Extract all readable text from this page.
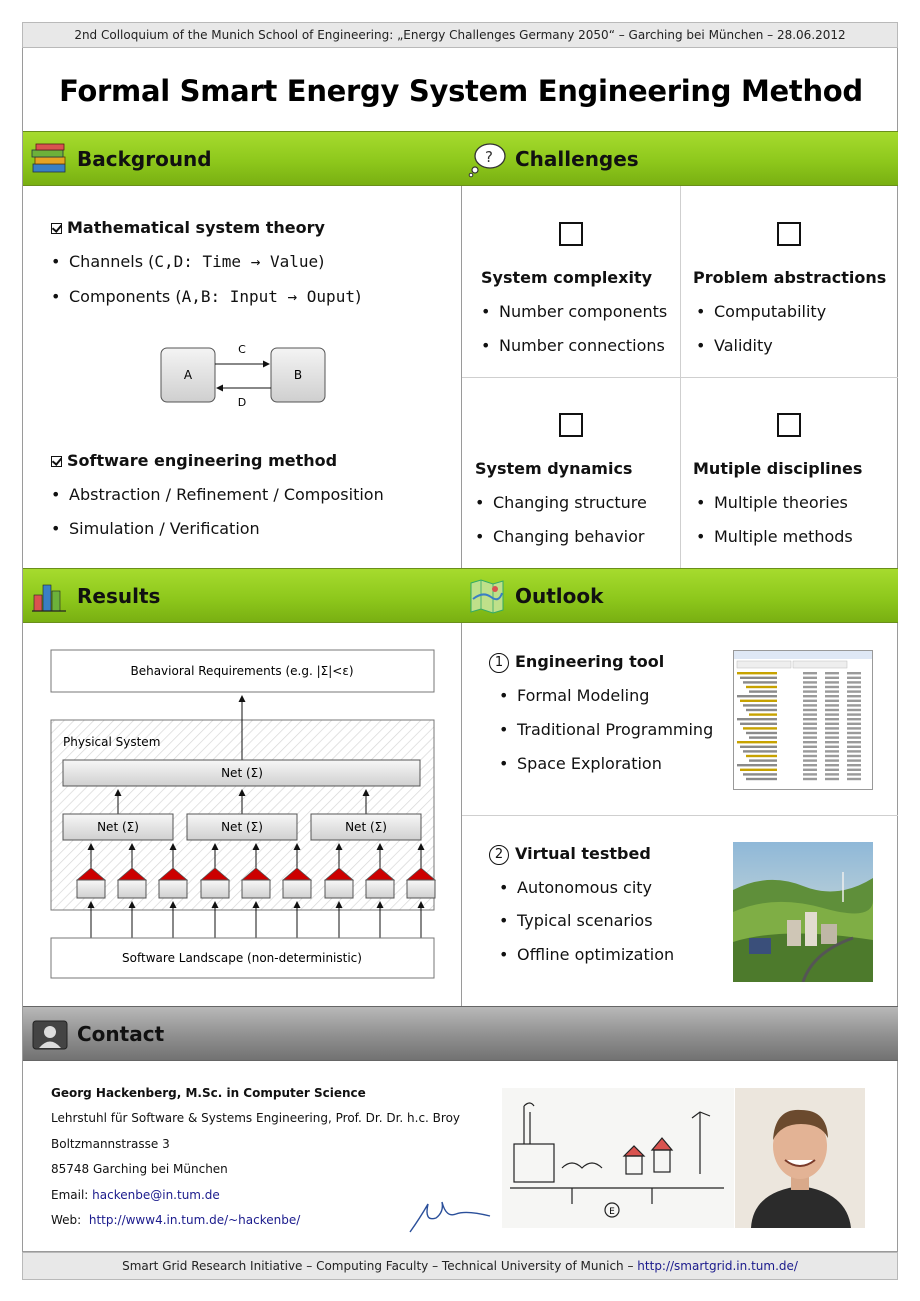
2nd Colloquium of the Munich School of Engineering: „Energy Challenges Germany 2050“ – Garching bei München – 28.06.2012
Formal Smart Energy System Engineering Method
Background	? Challenges
Mathematical system theory
• Channels (C,D: Time → Value)
• Components (A,B: Input → Ouput)
A	B
C
D
Software engineering method
• Abstraction / Refinement / Composition
• Simulation / Verification
System complexity
• Number components
• Number connections
Problem abstractions
• Computability
• Validity
System dynamics
• Changing structure
• Changing behavior
Mutiple disciplines
• Multiple theories
• Multiple methods
Results	Outlook
Behavioral Requirements (e.g. |Σ|<ε)
Physical System
Net (Σ)
Net (Σ)	Net (Σ)	Net (Σ)
Software Landscape (non-deterministic)
1 Engineering tool
• Formal Modeling
• Traditional Programming
• Space Exploration
2 Virtual testbed
• Autonomous city
• Typical scenarios
• Offline optimization
Contact
Georg Hackenberg, M.Sc. in Computer Science
Lehrstuhl für Software & Systems Engineering, Prof. Dr. Dr. h.c. Broy
Boltzmannstrasse 3
85748 Garching bei München
Email: hackenbe@in.tum.de
Web: http://www4.in.tum.de/~hackenbe/
E
Smart Grid Research Initiative – Computing Faculty – Technical University of Munich – http://smartgrid.in.tum.de/
